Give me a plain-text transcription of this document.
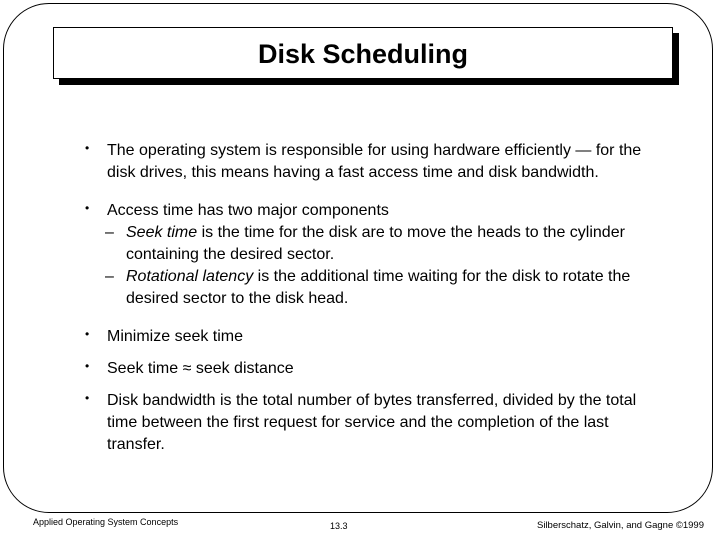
Disk Scheduling
•	The operating system is responsible for using hardware efficiently — for the disk drives, this means having a fast access time and disk bandwidth.
•	Access time has two major components
– Seek time is the time for the disk are to move the heads to the cylinder containing the desired sector.
– Rotational latency is the additional time waiting for the disk to rotate the desired sector to the disk head.
•	Minimize seek time
•	Seek time ≈ seek distance
•	Disk bandwidth is the total number of bytes transferred, divided by the total time between the first request for service and the completion of the last transfer.
Applied Operating System Concepts	13.3	Silberschatz, Galvin, and Gagne ©1999
